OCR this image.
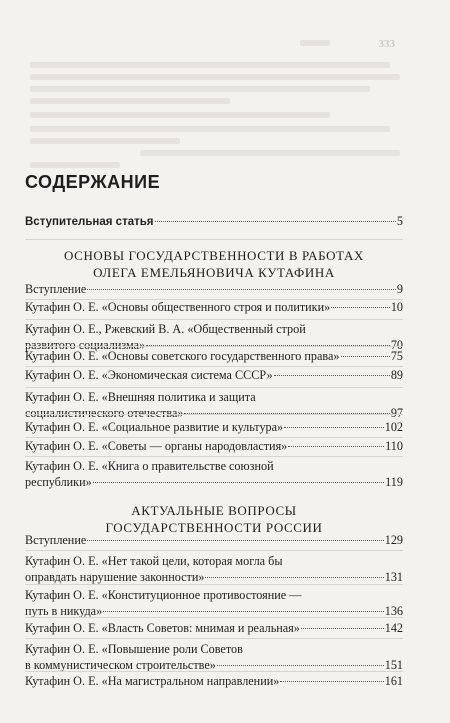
333
СОДЕРЖАНИЕ
Вступительная статья	5
ОСНОВЫ ГОСУДАРСТВЕННОСТИ В РАБОТАХ
ОЛЕГА ЕМЕЛЬЯНОВИЧА КУТАФИНА
Вступление	9
Кутафин О. Е. «Основы общественного строя и политики»	10
Кутафин О. Е., Ржевский В. А. «Общественный строй
развитого социализма»	70
Кутафин О. Е. «Основы советского государственного права»	75
Кутафин О. Е. «Экономическая система СССР»	89
Кутафин О. Е. «Внешняя политика и защита
социалистического отечества»	97
Кутафин О. Е. «Социальное развитие и культура»	102
Кутафин О. Е. «Советы — органы народовластия»	110
Кутафин О. Е. «Книга о правительстве союзной
республики»	119
АКТУАЛЬНЫЕ ВОПРОСЫ
ГОСУДАРСТВЕННОСТИ РОССИИ
Вступление	129
Кутафин О. Е. «Нет такой цели, которая могла бы
оправдать нарушение законности»	131
Кутафин О. Е. «Конституционное противостояние —
путь в никуда»	136
Кутафин О. Е. «Власть Советов: мнимая и реальная»	142
Кутафин О. Е. «Повышение роли Советов
в коммунистическом строительстве»	151
Кутафин О. Е. «На магистральном направлении»	161
